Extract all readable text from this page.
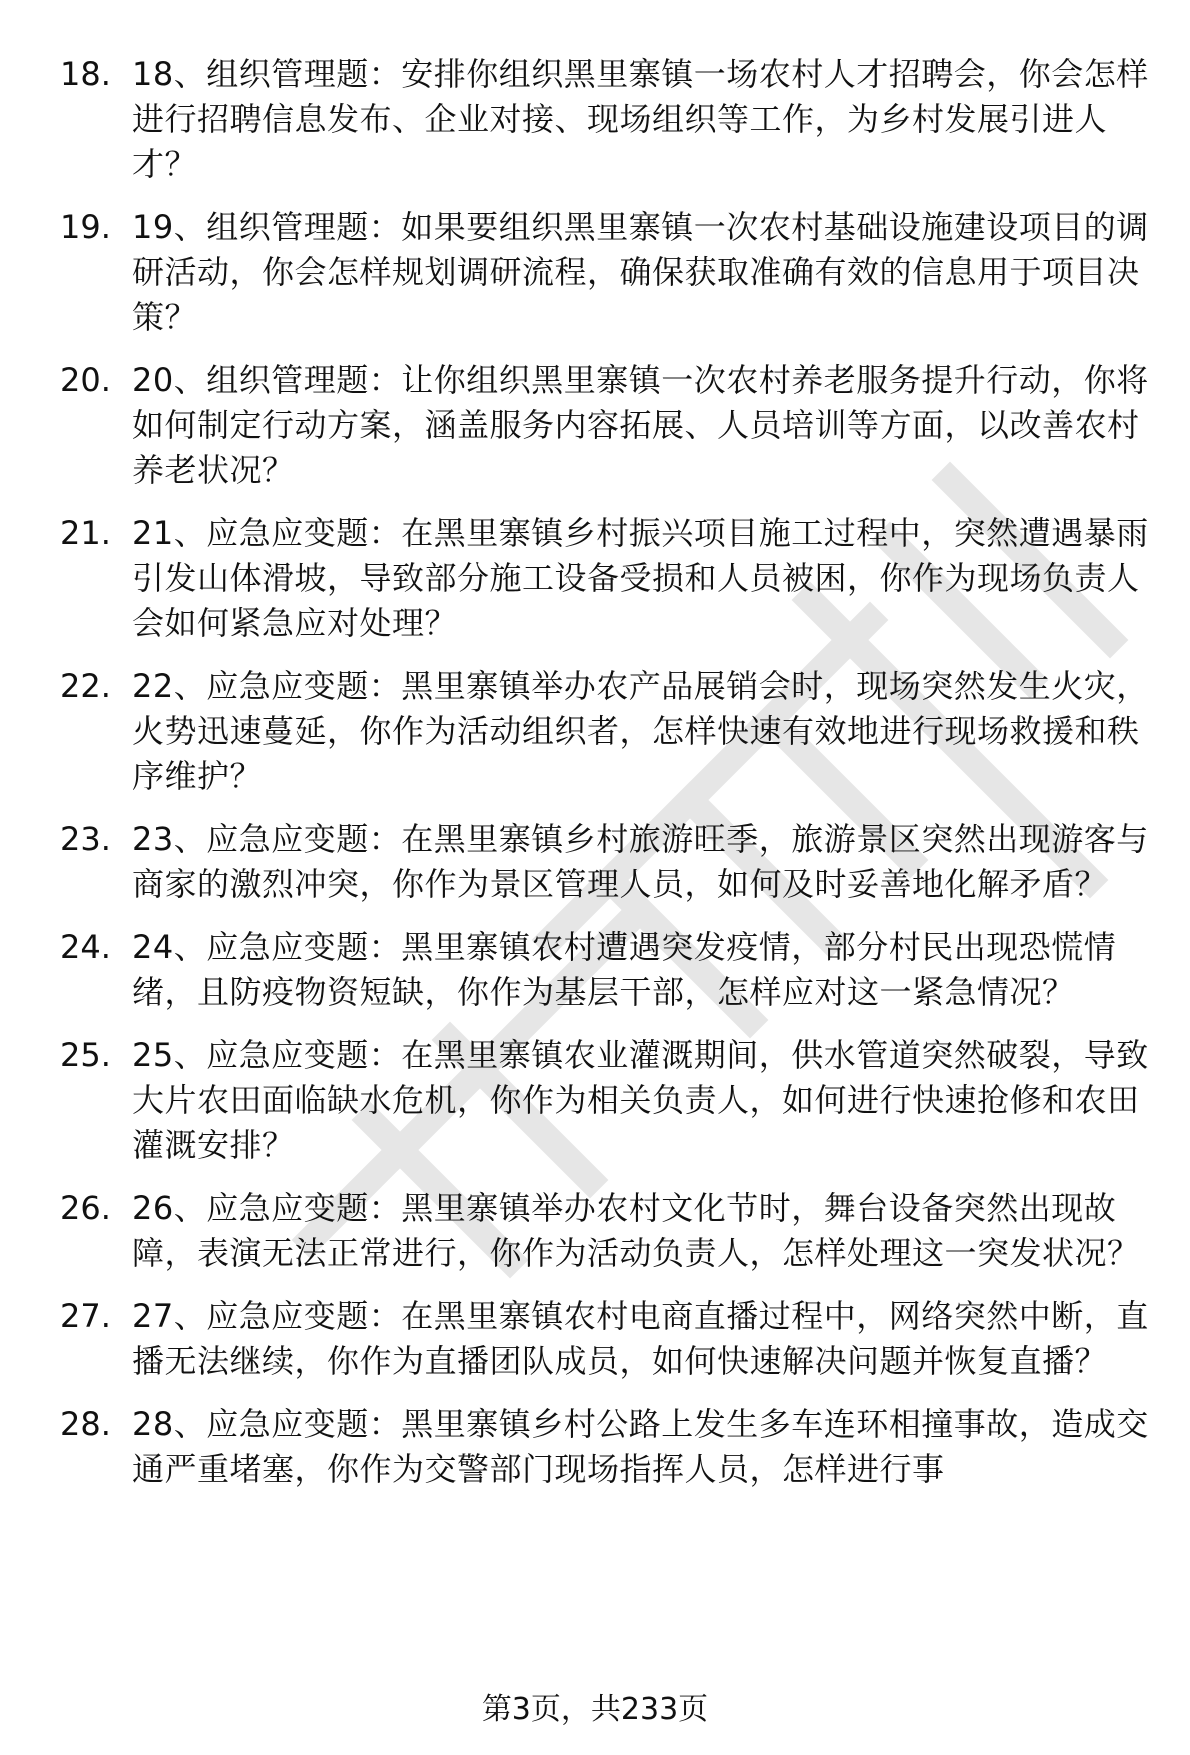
18. 18、组织管理题：安排你组织黑里寨镇一场农村人才招聘会，你会怎样进行招聘信息发布、企业对接、现场组织等工作，为乡村发展引进人才？
19. 19、组织管理题：如果要组织黑里寨镇一次农村基础设施建设项目的调研活动，你会怎样规划调研流程，确保获取准确有效的信息用于项目决策？
20. 20、组织管理题：让你组织黑里寨镇一次农村养老服务提升行动，你将如何制定行动方案，涵盖服务内容拓展、人员培训等方面，以改善农村养老状况？
21. 21、应急应变题：在黑里寨镇乡村振兴项目施工过程中，突然遭遇暴雨引发山体滑坡，导致部分施工设备受损和人员被困，你作为现场负责人会如何紧急应对处理？
22. 22、应急应变题：黑里寨镇举办农产品展销会时，现场突然发生火灾，火势迅速蔓延，你作为活动组织者，怎样快速有效地进行现场救援和秩序维护？
23. 23、应急应变题：在黑里寨镇乡村旅游旺季，旅游景区突然出现游客与商家的激烈冲突，你作为景区管理人员，如何及时妥善地化解矛盾？
24. 24、应急应变题：黑里寨镇农村遭遇突发疫情，部分村民出现恐慌情绪，且防疫物资短缺，你作为基层干部，怎样应对这一紧急情况？
25. 25、应急应变题：在黑里寨镇农业灌溉期间，供水管道突然破裂，导致大片农田面临缺水危机，你作为相关负责人，如何进行快速抢修和农田灌溉安排？
26. 26、应急应变题：黑里寨镇举办农村文化节时，舞台设备突然出现故障，表演无法正常进行，你作为活动负责人，怎样处理这一突发状况？
27. 27、应急应变题：在黑里寨镇农村电商直播过程中，网络突然中断，直播无法继续，你作为直播团队成员，如何快速解决问题并恢复直播？
28. 28、应急应变题：黑里寨镇乡村公路上发生多车连环相撞事故，造成交通严重堵塞，你作为交警部门现场指挥人员，怎样进行事
第3页，共233页
